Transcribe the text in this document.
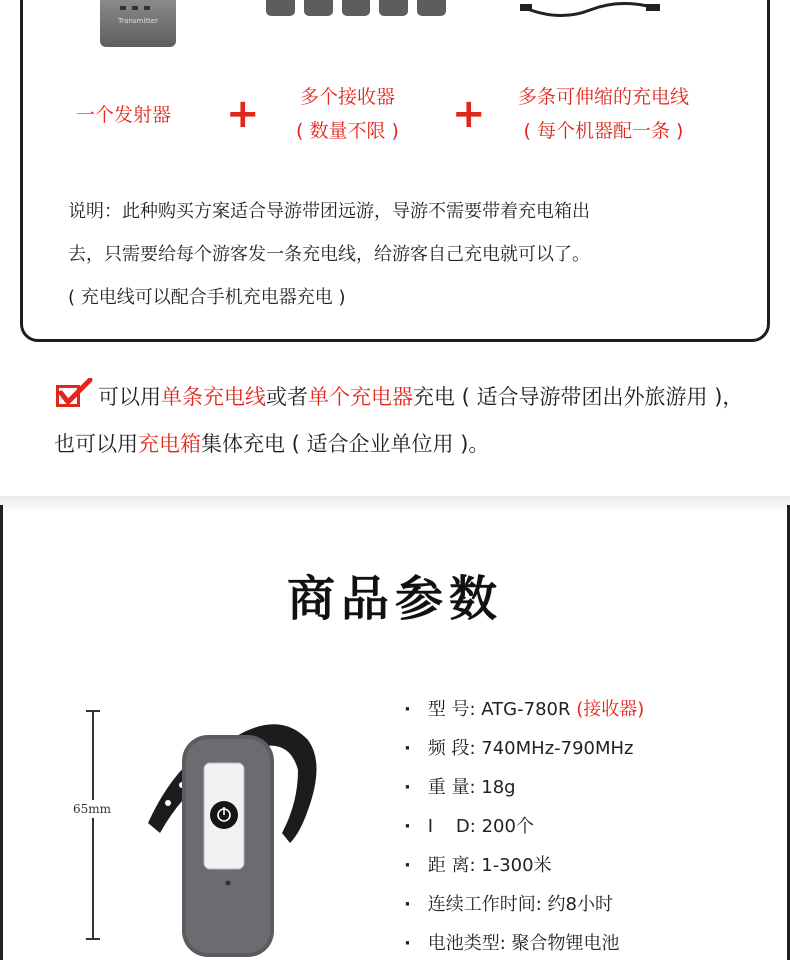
Transmitter
一个发射器 + 多个接收器
( 数量不限 ) + 多条可伸缩的充电线
( 每个机器配一条 )
说明：此种购买方案适合导游带团远游，导游不需要带着充电箱出
去，只需要给每个游客发一条充电线，给游客自己充电就可以了。
( 充电线可以配合手机充电器充电 )
可以用单条充电线或者单个充电器充电 ( 适合导游带团出外旅游用 )，也可以用充电箱集体充电 ( 适合企业单位用 )。
商品参数
65mm
· 型 号: ATG-780R (接收器)
· 频 段: 740MHz-790MHz
· 重 量: 18g
· I    D: 200个
· 距 离: 1-300米
· 连续工作时间: 约8小时
· 电池类型: 聚合物锂电池
